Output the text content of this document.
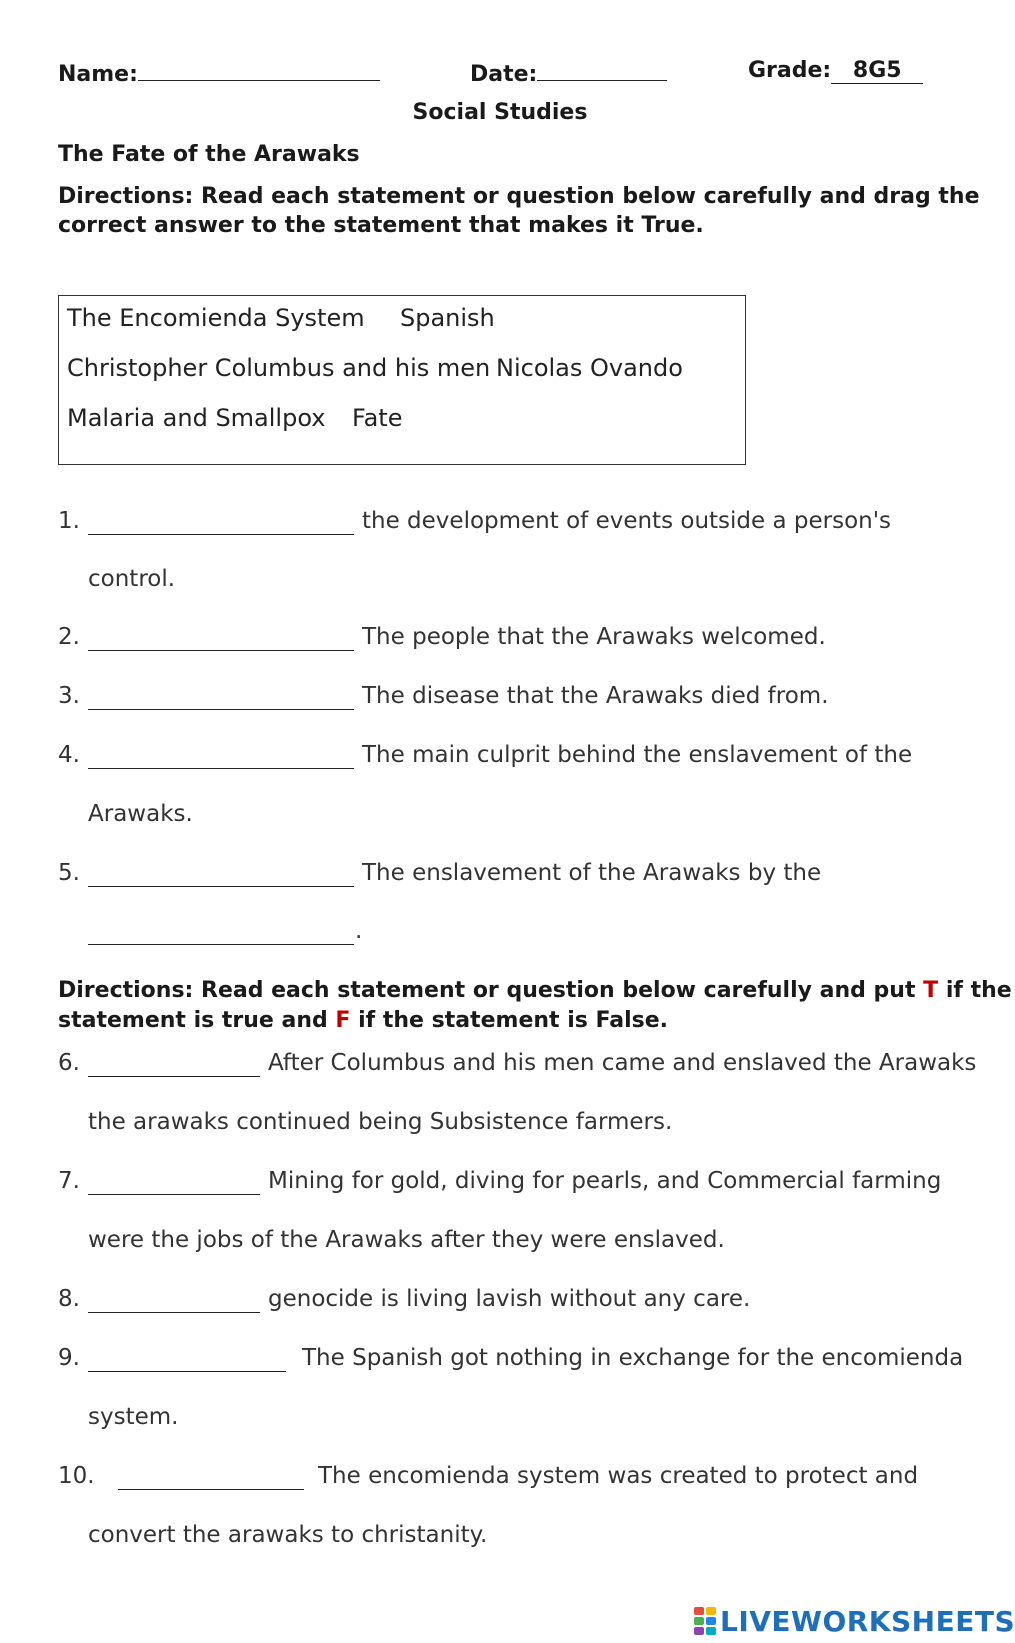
Name:	Date:	Grade: 8G5
Social Studies
The Fate of the Arawaks
Directions: Read each statement or question below carefully and drag the
correct answer to the statement that makes it True.
The Encomienda System Spanish
Christopher Columbus and his men Nicolas Ovando
Malaria and Smallpox Fate
1.	the development of events outside a person's
control.
2.	The people that the Arawaks welcomed.
3.	The disease that the Arawaks died from.
4.	The main culprit behind the enslavement of the
Arawaks.
5.	The enslavement of the Arawaks by the
.
Directions: Read each statement or question below carefully and put T if the
statement is true and F if the statement is False.
6.	After Columbus and his men came and enslaved the Arawaks
the arawaks continued being Subsistence farmers.
7.	Mining for gold, diving for pearls, and Commercial farming
were the jobs of the Arawaks after they were enslaved.
8.	genocide is living lavish without any care.
9.	The Spanish got nothing in exchange for the encomienda
system.
10.	The encomienda system was created to protect and
convert the arawaks to christanity.
LIVEWORKSHEETS
